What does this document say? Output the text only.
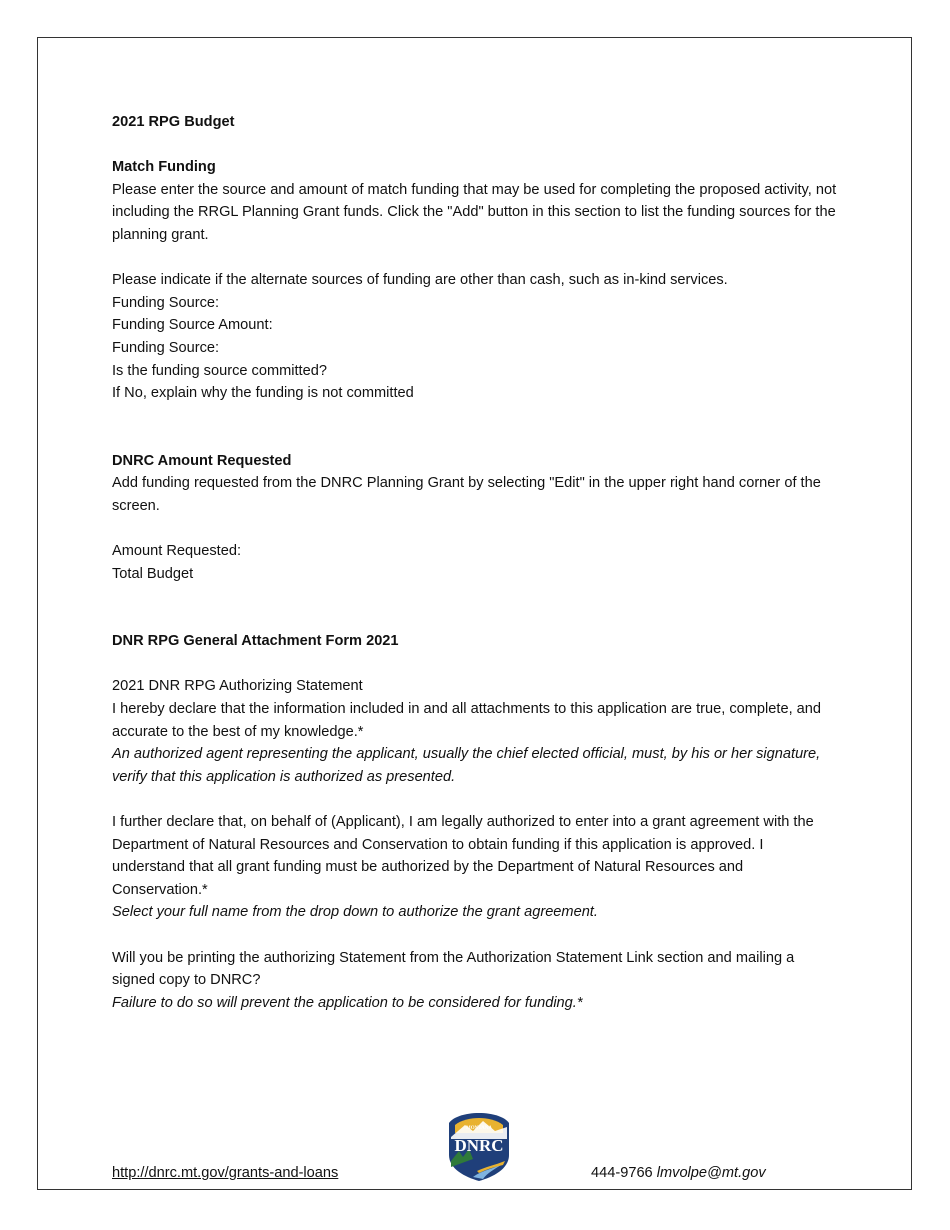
2021 RPG Budget

Match Funding

Please enter the source and amount of match funding that may be used for completing the proposed activity, not including the RRGL Planning Grant funds. Click the "Add" button in this section to list the funding sources for the planning grant.

Please indicate if the alternate sources of funding are other than cash, such as in-kind services.

Funding Source:

Funding Source Amount:

Funding Source:

Is the funding source committed?

If No, explain why the funding is not committed

DNRC Amount Requested

Add funding requested from the DNRC Planning Grant by selecting "Edit" in the upper right hand corner of the screen.

Amount Requested:

Total Budget

DNR RPG General Attachment Form 2021

2021 DNR RPG Authorizing Statement

I hereby declare that the information included in and all attachments to this application are true, complete, and accurate to the best of my knowledge.*

An authorized agent representing the applicant, usually the chief elected official, must, by his or her signature, verify that this application is authorized as presented.

I further declare that, on behalf of (Applicant), I am legally authorized to enter into a grant agreement with the Department of Natural Resources and Conservation to obtain funding if this application is approved. I understand that all grant funding must be authorized by the Department of Natural Resources and Conservation.*

Select your full name from the drop down to authorize the grant agreement.

Will you be printing the authorizing Statement from the Authorization Statement Link section and mailing a signed copy to DNRC?

Failure to do so will prevent the application to be considered for funding.*

http://dnrc.mt.gov/grants-and-loans
MONTANA
DNRC
444-9766 lmvolpe@mt.gov
